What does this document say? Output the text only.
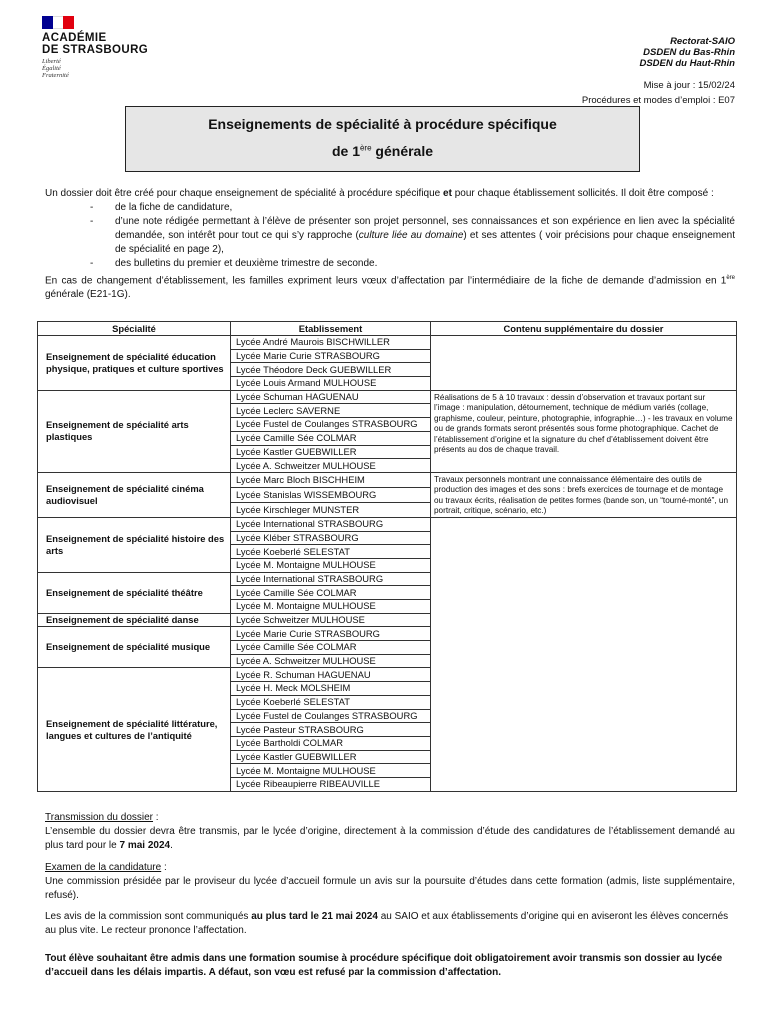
ACADÉMIE
DE STRASBOURG
Liberté
Égalité
Fraternité
Rectorat-SAIO
DSDEN du Bas-Rhin
DSDEN du Haut-Rhin
Mise à jour : 15/02/24
Procédures et modes d’emploi : E07
Enseignements de spécialité à procédure spécifique
de 1ère générale
Un dossier doit être créé pour chaque enseignement de spécialité à procédure spécifique et pour chaque établissement sollicités. Il doit être composé :
- de la fiche de candidature,
- d’une note rédigée permettant à l’élève de présenter son projet personnel, ses connaissances et son expérience en lien avec la spécialité demandée, son intérêt pour tout ce qui s’y rapproche (culture liée au domaine) et ses attentes ( voir précisions pour chaque enseignement de spécialité en page 2),
- des bulletins du premier et deuxième trimestre de seconde.
En cas de changement d’établissement, les familles expriment leurs vœux d’affectation par l’intermédiaire de la fiche de demande d’admission en 1ère générale (E21-1G).
Spécialité	Etablissement	Contenu supplémentaire du dossier
Enseignement de spécialité éducation physique, pratiques et culture sportives	Lycée André Maurois BISCHWILLER	
	Lycée Marie Curie STRASBOURG	
	Lycée Théodore Deck GUEBWILLER	
	Lycée Louis Armand MULHOUSE	
Enseignement de spécialité arts plastiques	Lycée Schuman HAGUENAU	Réalisations de 5 à 10 travaux : dessin d’observation et travaux portant sur l’image : manipulation, détournement, technique de médium variés (collage, graphisme, couleur, peinture, photographie, infographie…) - les travaux en volume ou de grands formats seront présentés sous forme photographique. Cachet de l’établissement d’origine et la signature du chef d’établissement doivent être présents au dos de chaque travail.
	Lycée Leclerc SAVERNE	
	Lycée Fustel de Coulanges STRASBOURG	
	Lycée Camille Sée COLMAR	
	Lycée Kastler GUEBWILLER	
	Lycée A. Schweitzer MULHOUSE	
Enseignement de spécialité cinéma audiovisuel	Lycée Marc Bloch BISCHHEIM	Travaux personnels montrant une connaissance élémentaire des outils de production des images et des sons : brefs exercices de tournage et de montage ou travaux écrits, réalisation de petites formes (bande son, un “tourné-monté”, un portrait, critique, scénario, etc.)
	Lycée Stanislas WISSEMBOURG	
	Lycée Kirschleger MUNSTER	
Enseignement de spécialité histoire des arts	Lycée International STRASBOURG	
	Lycée Kléber STRASBOURG	
	Lycée Koeberlé SELESTAT	
	Lycée M. Montaigne MULHOUSE	
Enseignement de spécialité théâtre	Lycée International STRASBOURG	
	Lycée Camille Sée COLMAR	
	Lycée M. Montaigne MULHOUSE	
Enseignement de spécialité danse	Lycée Schweitzer MULHOUSE	
Enseignement de spécialité musique	Lycée Marie Curie STRASBOURG	
	Lycée Camille Sée COLMAR	
	Lycée A. Schweitzer MULHOUSE	
Enseignement de spécialité littérature, langues et cultures de l’antiquité	Lycée R. Schuman HAGUENAU	
	Lycée H. Meck MOLSHEIM	
	Lycée Koeberlé SELESTAT	
	Lycée Fustel de Coulanges STRASBOURG	
	Lycée Pasteur STRASBOURG	
	Lycée Bartholdi COLMAR	
	Lycée Kastler GUEBWILLER	
	Lycée M. Montaigne MULHOUSE	
	Lycée Ribeaupierre RIBEAUVILLE	
Transmission du dossier :
L’ensemble du dossier devra être transmis, par le lycée d’origine, directement à la commission d’étude des candidatures de l’établissement demandé au plus tard pour le 7 mai 2024.
Examen de la candidature :
Une commission présidée par le proviseur du lycée d’accueil formule un avis sur la poursuite d’études dans cette formation (admis, liste supplémentaire, refusé).
Les avis de la commission sont communiqués au plus tard le 21 mai 2024 au SAIO et aux établissements d’origine qui en aviseront les élèves concernés au plus vite. Le recteur prononce l’affectation.
Tout élève souhaitant être admis dans une formation soumise à procédure spécifique doit obligatoirement avoir transmis son dossier au lycée d’accueil dans les délais impartis. A défaut, son vœu est refusé par la commission d’affectation.
